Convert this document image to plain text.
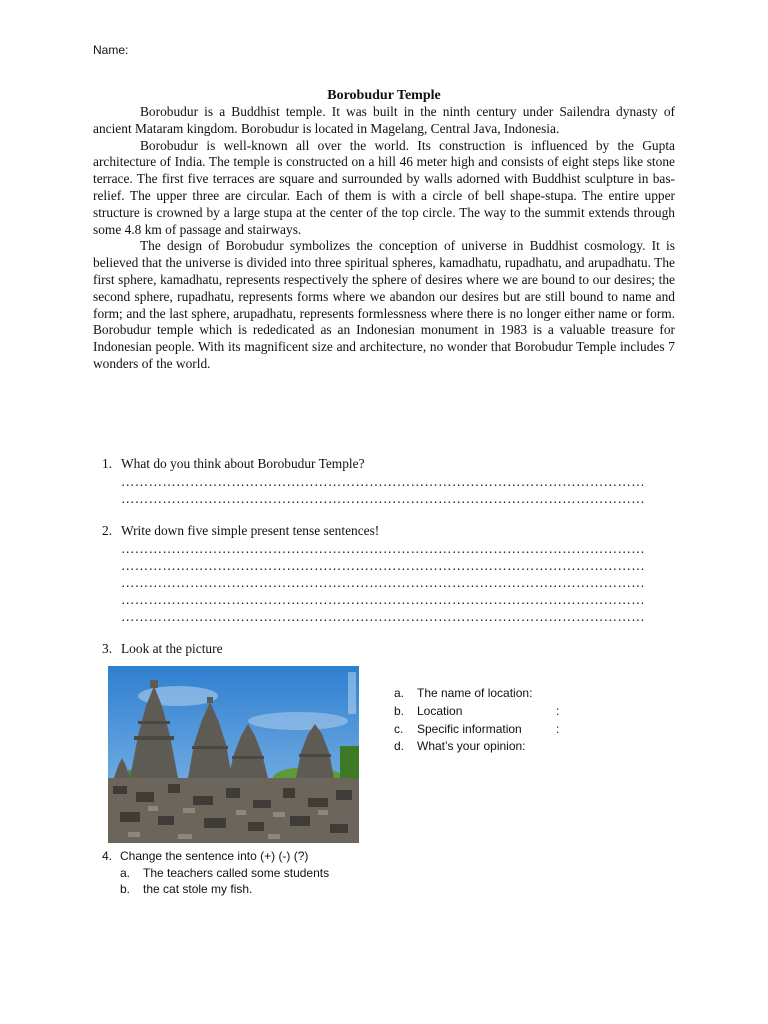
Name:
Borobudur Temple

Borobudur is a Buddhist temple. It was built in the ninth century under Sailendra dynasty of ancient Mataram kingdom. Borobudur is located in Magelang, Central Java, Indonesia.

Borobudur is well-known all over the world. Its construction is influenced by the Gupta architecture of India. The temple is constructed on a hill 46 meter high and consists of eight steps like stone terrace. The first five terraces are square and surrounded by walls adorned with Buddhist sculpture in bas-relief. The upper three are circular. Each of them is with a circle of bell shape-stupa. The entire upper structure is crowned by a large stupa at the center of the top circle. The way to the summit extends through some 4.8 km of passage and stairways.

The design of Borobudur symbolizes the conception of universe in Buddhist cosmology. It is believed that the universe is divided into three spiritual spheres, kamadhatu, rupadhatu, and arupadhatu. The first sphere, kamadhatu, represents respectively the sphere of desires where we are bound to our desires; the second sphere, rupadhatu, represents forms where we abandon our desires but are still bound to name and form; and the last sphere, arupadhatu, represents formlessness where there is no longer either name or form. Borobudur temple which is rededicated as an Indonesian monument in 1983 is a valuable treasure for Indonesian people. With its magnificent size and architecture, no wonder that Borobudur Temple includes 7 wonders of the world.

1. What do you think about Borobudur Temple?
……………………………………………………………………………………………………
……………………………………………………………………………………………………
2. Write down five simple present tense sentences!
……………………………………………………………………………………………………
……………………………………………………………………………………………………
……………………………………………………………………………………………………
……………………………………………………………………………………………………
……………………………………………………………………………………………………
3. Look at the picture
a.	The name of location:
b.	Location	:
c.	Specific information	:
d.	What’s your opinion:
4. Change the sentence into (+) (-) (?)
a.	The teachers called some students
b.	the cat stole my fish.
